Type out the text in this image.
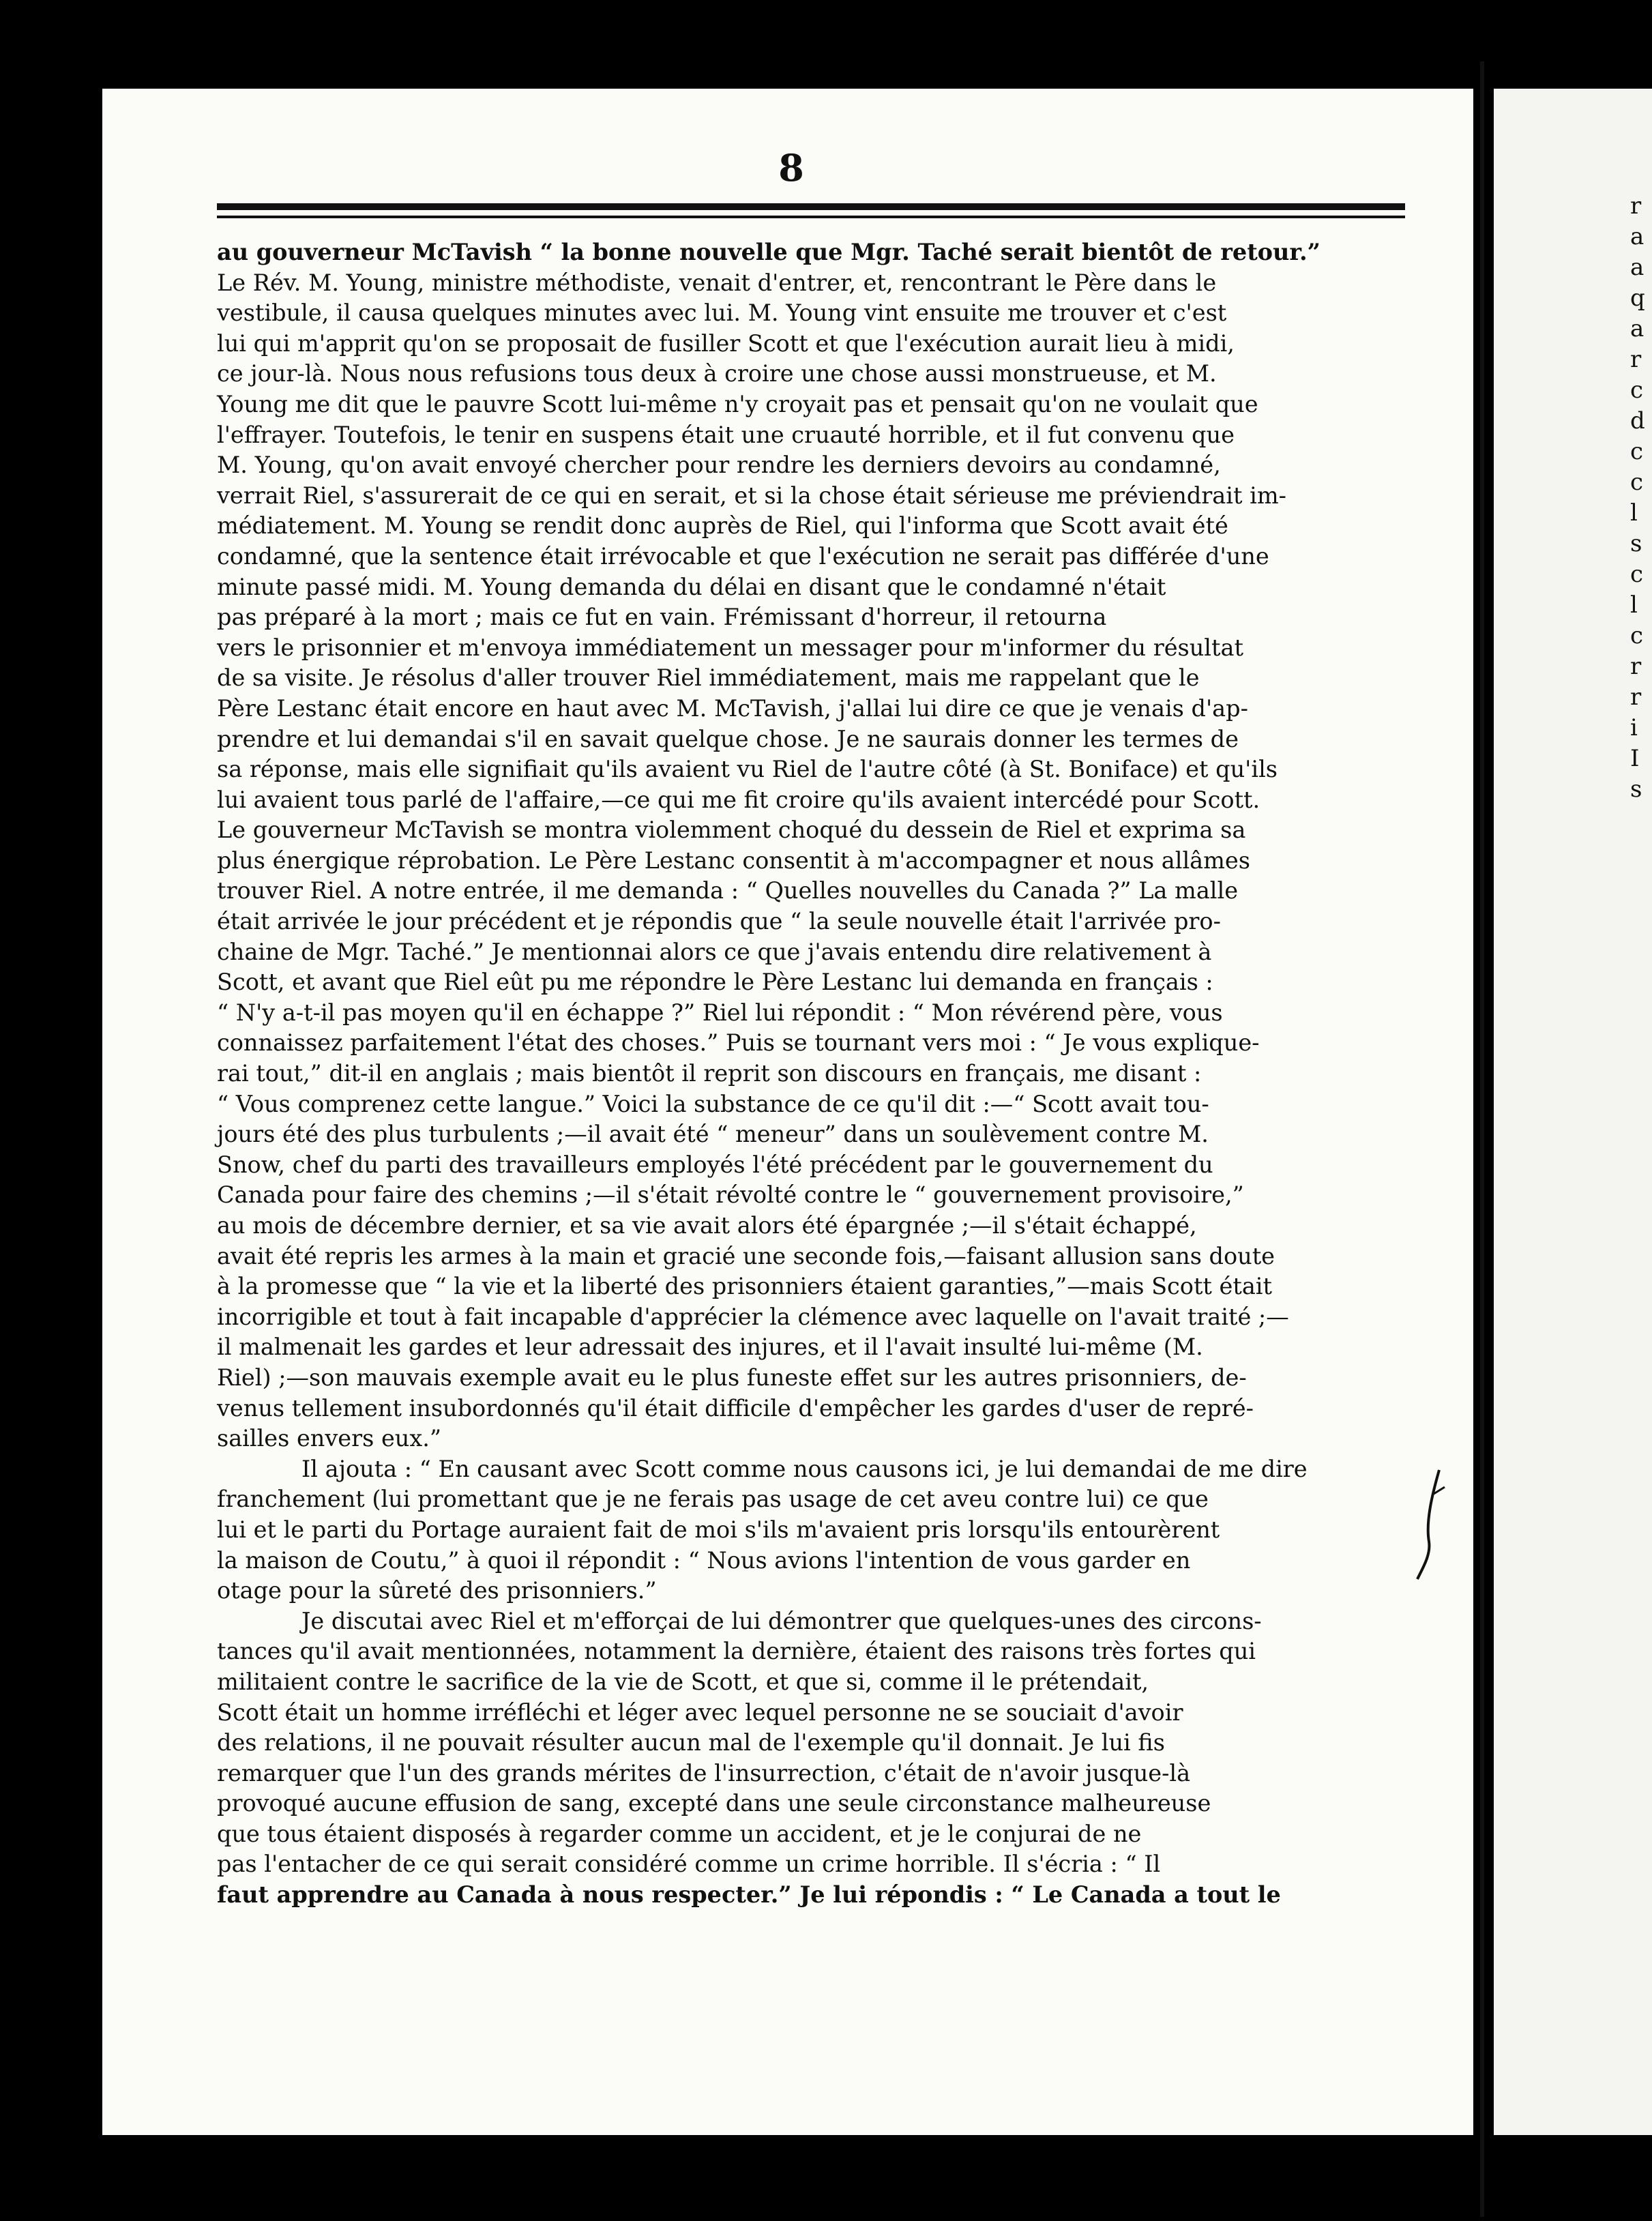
r
a
a
q
a
r
c
d
c
c
l
s
c
l
c
r
r
i
I
s
8

au gouverneur McTavish “ la bonne nouvelle que Mgr. Taché serait bientôt de retour.”

Le Rév. M. Young, ministre méthodiste, venait d'entrer, et, rencontrant le Père dans le

vestibule, il causa quelques minutes avec lui. M. Young vint ensuite me trouver et c'est

lui qui m'apprit qu'on se proposait de fusiller Scott et que l'exécution aurait lieu à midi,

ce jour-là. Nous nous refusions tous deux à croire une chose aussi monstrueuse, et M.

Young me dit que le pauvre Scott lui-même n'y croyait pas et pensait qu'on ne voulait que

l'effrayer. Toutefois, le tenir en suspens était une cruauté horrible, et il fut convenu que

M. Young, qu'on avait envoyé chercher pour rendre les derniers devoirs au condamné,

verrait Riel, s'assurerait de ce qui en serait, et si la chose était sérieuse me préviendrait im-

médiatement. M. Young se rendit donc auprès de Riel, qui l'informa que Scott avait été

condamné, que la sentence était irrévocable et que l'exécution ne serait pas différée d'une

minute passé midi. M. Young demanda du délai en disant que le condamné n'était

pas préparé à la mort ; mais ce fut en vain. Frémissant d'horreur, il retourna

vers le prisonnier et m'envoya immédiatement un messager pour m'informer du résultat

de sa visite. Je résolus d'aller trouver Riel immédiatement, mais me rappelant que le

Père Lestanc était encore en haut avec M. McTavish, j'allai lui dire ce que je venais d'ap-

prendre et lui demandai s'il en savait quelque chose. Je ne saurais donner les termes de

sa réponse, mais elle signifiait qu'ils avaient vu Riel de l'autre côté (à St. Boniface) et qu'ils

lui avaient tous parlé de l'affaire,—ce qui me fit croire qu'ils avaient intercédé pour Scott.

Le gouverneur McTavish se montra violemment choqué du dessein de Riel et exprima sa

plus énergique réprobation. Le Père Lestanc consentit à m'accompagner et nous allâmes

trouver Riel. A notre entrée, il me demanda : “ Quelles nouvelles du Canada ?” La malle

était arrivée le jour précédent et je répondis que “ la seule nouvelle était l'arrivée pro-

chaine de Mgr. Taché.” Je mentionnai alors ce que j'avais entendu dire relativement à

Scott, et avant que Riel eût pu me répondre le Père Lestanc lui demanda en français :

“ N'y a-t-il pas moyen qu'il en échappe ?” Riel lui répondit : “ Mon révérend père, vous

connaissez parfaitement l'état des choses.” Puis se tournant vers moi : “ Je vous explique-

rai tout,” dit-il en anglais ; mais bientôt il reprit son discours en français, me disant :

“ Vous comprenez cette langue.” Voici la substance de ce qu'il dit :—“ Scott avait tou-

jours été des plus turbulents ;—il avait été “ meneur” dans un soulèvement contre M.

Snow, chef du parti des travailleurs employés l'été précédent par le gouvernement du

Canada pour faire des chemins ;—il s'était révolté contre le “ gouvernement provisoire,”

au mois de décembre dernier, et sa vie avait alors été épargnée ;—il s'était échappé,

avait été repris les armes à la main et gracié une seconde fois,—faisant allusion sans doute

à la promesse que “ la vie et la liberté des prisonniers étaient garanties,”—mais Scott était

incorrigible et tout à fait incapable d'apprécier la clémence avec laquelle on l'avait traité ;—

il malmenait les gardes et leur adressait des injures, et il l'avait insulté lui-même (M.

Riel) ;—son mauvais exemple avait eu le plus funeste effet sur les autres prisonniers, de-

venus tellement insubordonnés qu'il était difficile d'empêcher les gardes d'user de repré-

sailles envers eux.”

Il ajouta : “ En causant avec Scott comme nous causons ici, je lui demandai de me dire

franchement (lui promettant que je ne ferais pas usage de cet aveu contre lui) ce que

lui et le parti du Portage auraient fait de moi s'ils m'avaient pris lorsqu'ils entourèrent

la maison de Coutu,” à quoi il répondit : “ Nous avions l'intention de vous garder en

otage pour la sûreté des prisonniers.”

Je discutai avec Riel et m'efforçai de lui démontrer que quelques-unes des circons-

tances qu'il avait mentionnées, notamment la dernière, étaient des raisons très fortes qui

militaient contre le sacrifice de la vie de Scott, et que si, comme il le prétendait,

Scott était un homme irréfléchi et léger avec lequel personne ne se souciait d'avoir

des relations, il ne pouvait résulter aucun mal de l'exemple qu'il donnait. Je lui fis

remarquer que l'un des grands mérites de l'insurrection, c'était de n'avoir jusque-là

provoqué aucune effusion de sang, excepté dans une seule circonstance malheureuse

que tous étaient disposés à regarder comme un accident, et je le conjurai de ne

pas l'entacher de ce qui serait considéré comme un crime horrible. Il s'écria : “ Il

faut apprendre au Canada à nous respecter.” Je lui répondis : “ Le Canada a tout le
